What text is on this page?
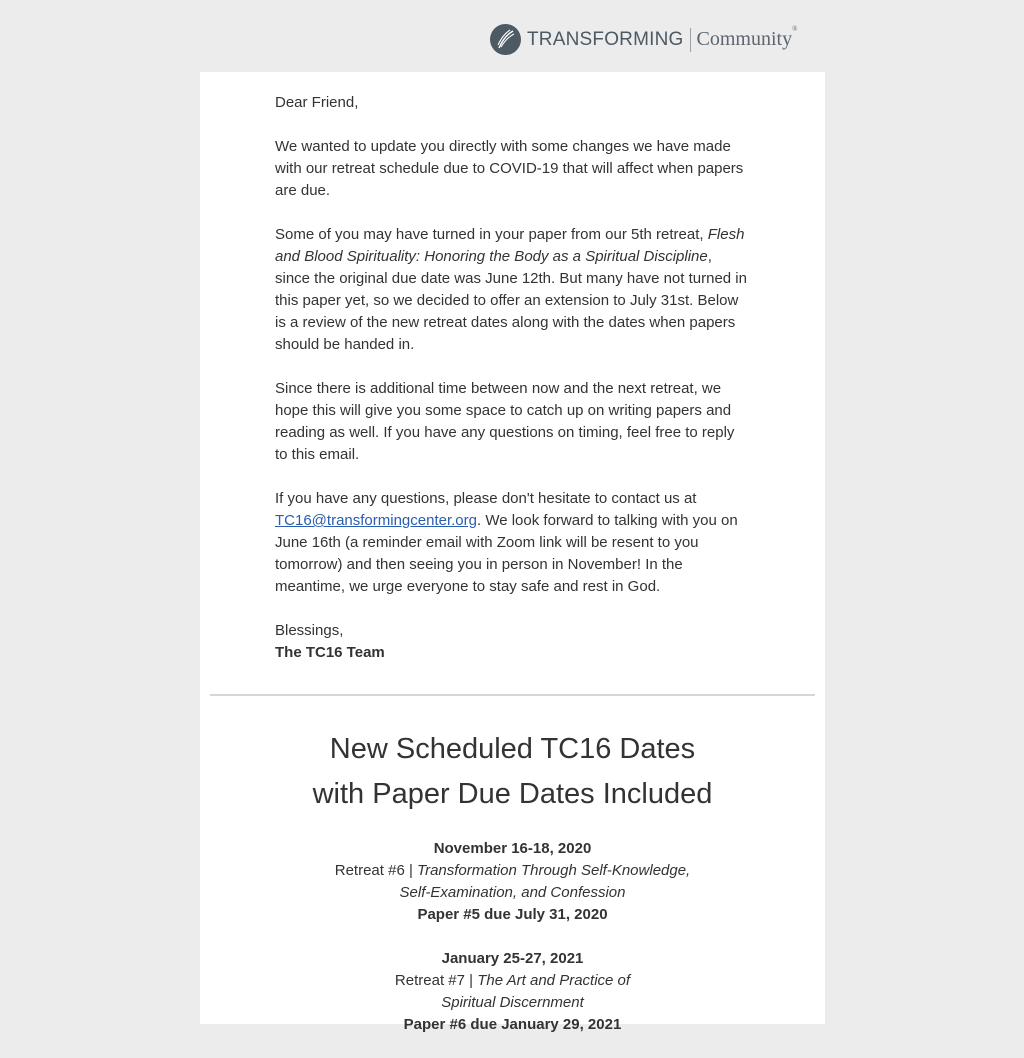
TRANSFORMING Community®

Dear Friend,

We wanted to update you directly with some changes we have made with our retreat schedule due to COVID-19 that will affect when papers are due.

Some of you may have turned in your paper from our 5th retreat, Flesh and Blood Spirituality: Honoring the Body as a Spiritual Discipline, since the original due date was June 12th. But many have not turned in this paper yet, so we decided to offer an extension to July 31st. Below is a review of the new retreat dates along with the dates when papers should be handed in.

Since there is additional time between now and the next retreat, we hope this will give you some space to catch up on writing papers and reading as well. If you have any questions on timing, feel free to reply to this email.

If you have any questions, please don't hesitate to contact us at TC16@transformingcenter.org. We look forward to talking with you on June 16th (a reminder email with Zoom link will be resent to you tomorrow) and then seeing you in person in November! In the meantime, we urge everyone to stay safe and rest in God.

Blessings,
The TC16 Team

New Scheduled TC16 Dates
with Paper Due Dates Included
November 16-18, 2020
Retreat #6 | Transformation Through Self-Knowledge,
Self-Examination, and Confession
Paper #5 due July 31, 2020
January 25-27, 2021
Retreat #7 | The Art and Practice of
Spiritual Discernment
Paper #6 due January 29, 2021
